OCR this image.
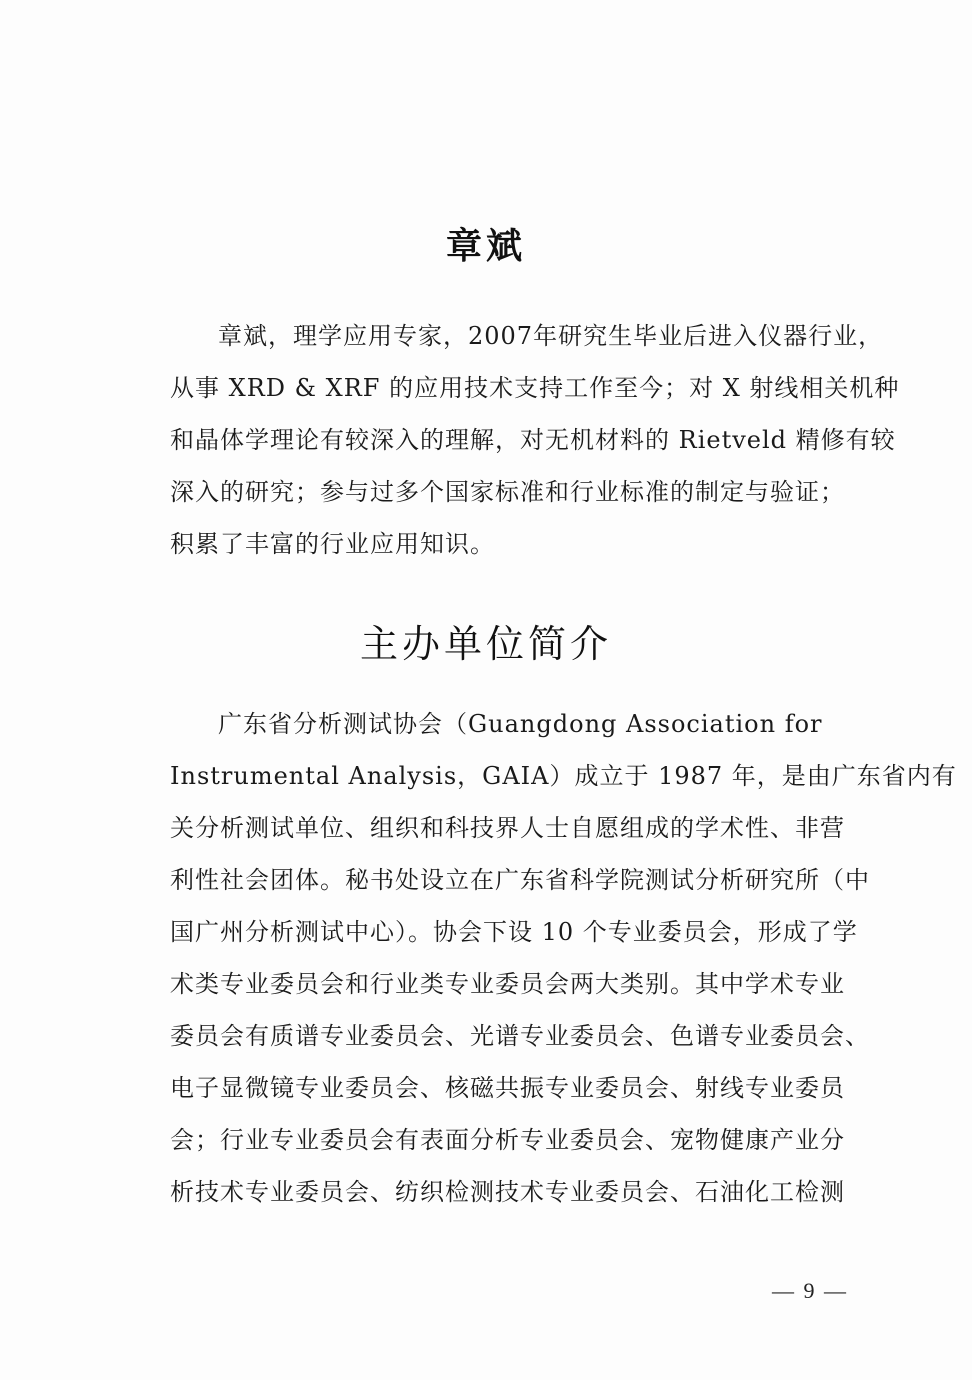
章斌
章斌，理学应用专家，2007年研究生毕业后进入仪器行业，
从事 XRD & XRF 的应用技术支持工作至今；对 X 射线相关机种
和晶体学理论有较深入的理解，对无机材料的 Rietveld 精修有较
深入的研究；参与过多个国家标准和行业标准的制定与验证；
积累了丰富的行业应用知识。
主办单位简介
广东省分析测试协会（Guangdong Association for
Instrumental Analysis，GAIA）成立于 1987 年，是由广东省内有
关分析测试单位、组织和科技界人士自愿组成的学术性、非营
利性社会团体。秘书处设立在广东省科学院测试分析研究所（中
国广州分析测试中心）。协会下设 10 个专业委员会，形成了学
术类专业委员会和行业类专业委员会两大类别。其中学术专业
委员会有质谱专业委员会、光谱专业委员会、色谱专业委员会、
电子显微镜专业委员会、核磁共振专业委员会、射线专业委员
会；行业专业委员会有表面分析专业委员会、宠物健康产业分
析技术专业委员会、纺织检测技术专业委员会、石油化工检测
— 9 —
